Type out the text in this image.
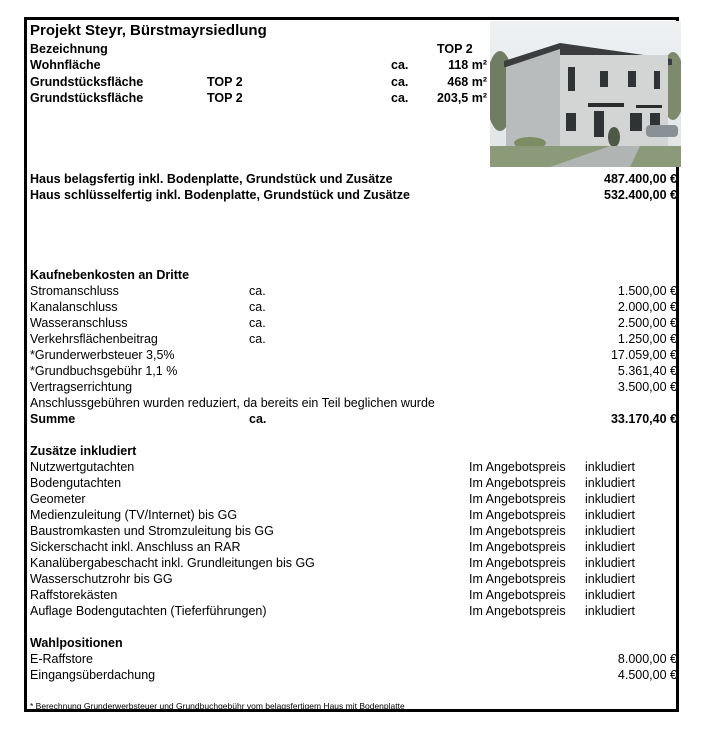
Projekt Steyr, Bürstmayrsiedlung
Bezeichnung	TOP 2
Wohnfläche	ca.	118 m²
Grundstücksfläche	TOP 2	ca.	468 m²
Grundstücksfläche	TOP 2	ca.	203,5 m²
Haus belagsfertig inkl. Bodenplatte, Grundstück und Zusätze	487.400,00 €
Haus schlüsselfertig inkl. Bodenplatte, Grundstück und Zusätze	532.400,00 €
Kaufnebenkosten an Dritte
Stromanschluss	ca.	1.500,00 €
Kanalanschluss	ca.	2.000,00 €
Wasseranschluss	ca.	2.500,00 €
Verkehrsflächenbeitrag	ca.	1.250,00 €
*Grunderwerbsteuer 3,5%	17.059,00 €
*Grundbuchsgebühr 1,1 %	5.361,40 €
Vertragserrichtung	3.500,00 €
Anschlussgebühren wurden reduziert, da bereits ein Teil beglichen wurde
Summe	ca.	33.170,40 €
Zusätze inkludiert
Nutzwertgutachten	Im Angebotspreis inkludiert
Bodengutachten	Im Angebotspreis inkludiert
Geometer	Im Angebotspreis inkludiert
Medienzuleitung (TV/Internet) bis GG	Im Angebotspreis inkludiert
Baustromkasten und Stromzuleitung bis GG	Im Angebotspreis inkludiert
Sickerschacht inkl. Anschluss an RAR	Im Angebotspreis inkludiert
Kanalübergabeschacht inkl. Grundleitungen bis GG	Im Angebotspreis inkludiert
Wasserschutzrohr bis GG	Im Angebotspreis inkludiert
Raffstorekästen	Im Angebotspreis inkludiert
Auflage Bodengutachten (Tieferführungen)	Im Angebotspreis inkludiert
Wahlpositionen
E-Raffstore	8.000,00 €
Eingangsüberdachung	4.500,00 €
* Berechnung Grunderwerbsteuer und Grundbuchgebühr vom belagsfertigem Haus mit Bodenplatte
